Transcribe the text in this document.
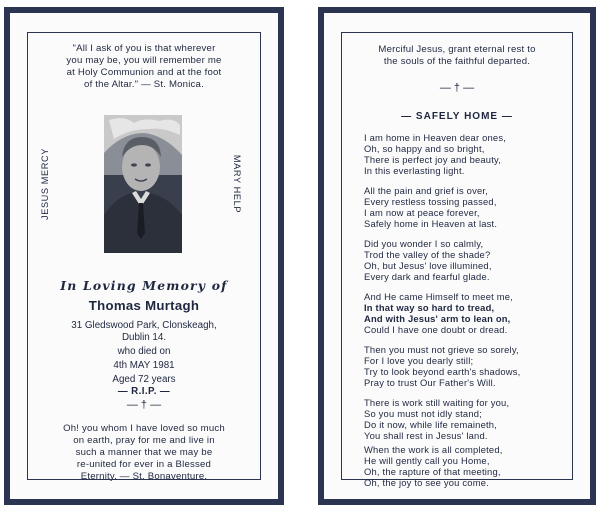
"All I ask of you is that wherever
you may be, you will remember me
at Holy Communion and at the foot
of the Altar." — St. Monica.
JESUS MERCY	MARY HELP
In Loving Memory of
Thomas Murtagh
31 Gledswood Park, Clonskeagh,
Dublin 14.
who died on
4th MAY 1981
Aged 72 years
— R.I.P. —
— † —
Oh! you whom I have loved so much
on earth, pray for me and live in
such a manner that we may be
re-united for ever in a Blessed
Eternity. — St. Bonaventure.
Merciful Jesus, grant eternal rest to
the souls of the faithful departed.
— † —
— SAFELY HOME —
I am home in Heaven dear ones,
Oh, so happy and so bright,
There is perfect joy and beauty,
In this everlasting light.
All the pain and grief is over,
Every restless tossing passed,
I am now at peace forever,
Safely home in Heaven at last.
Did you wonder I so calmly,
Trod the valley of the shade?
Oh, but Jesus' love illumined,
Every dark and fearful glade.
And He came Himself to meet me,
In that way so hard to tread,
And with Jesus' arm to lean on,
Could I have one doubt or dread.
Then you must not grieve so sorely,
For I love you dearly still;
Try to look beyond earth's shadows,
Pray to trust Our Father's Will.
There is work still waiting for you,
So you must not idly stand;
Do it now, while life remaineth,
You shall rest in Jesus' land.
When the work is all completed,
He will gently call you Home,
Oh, the rapture of that meeting,
Oh, the joy to see you come.
